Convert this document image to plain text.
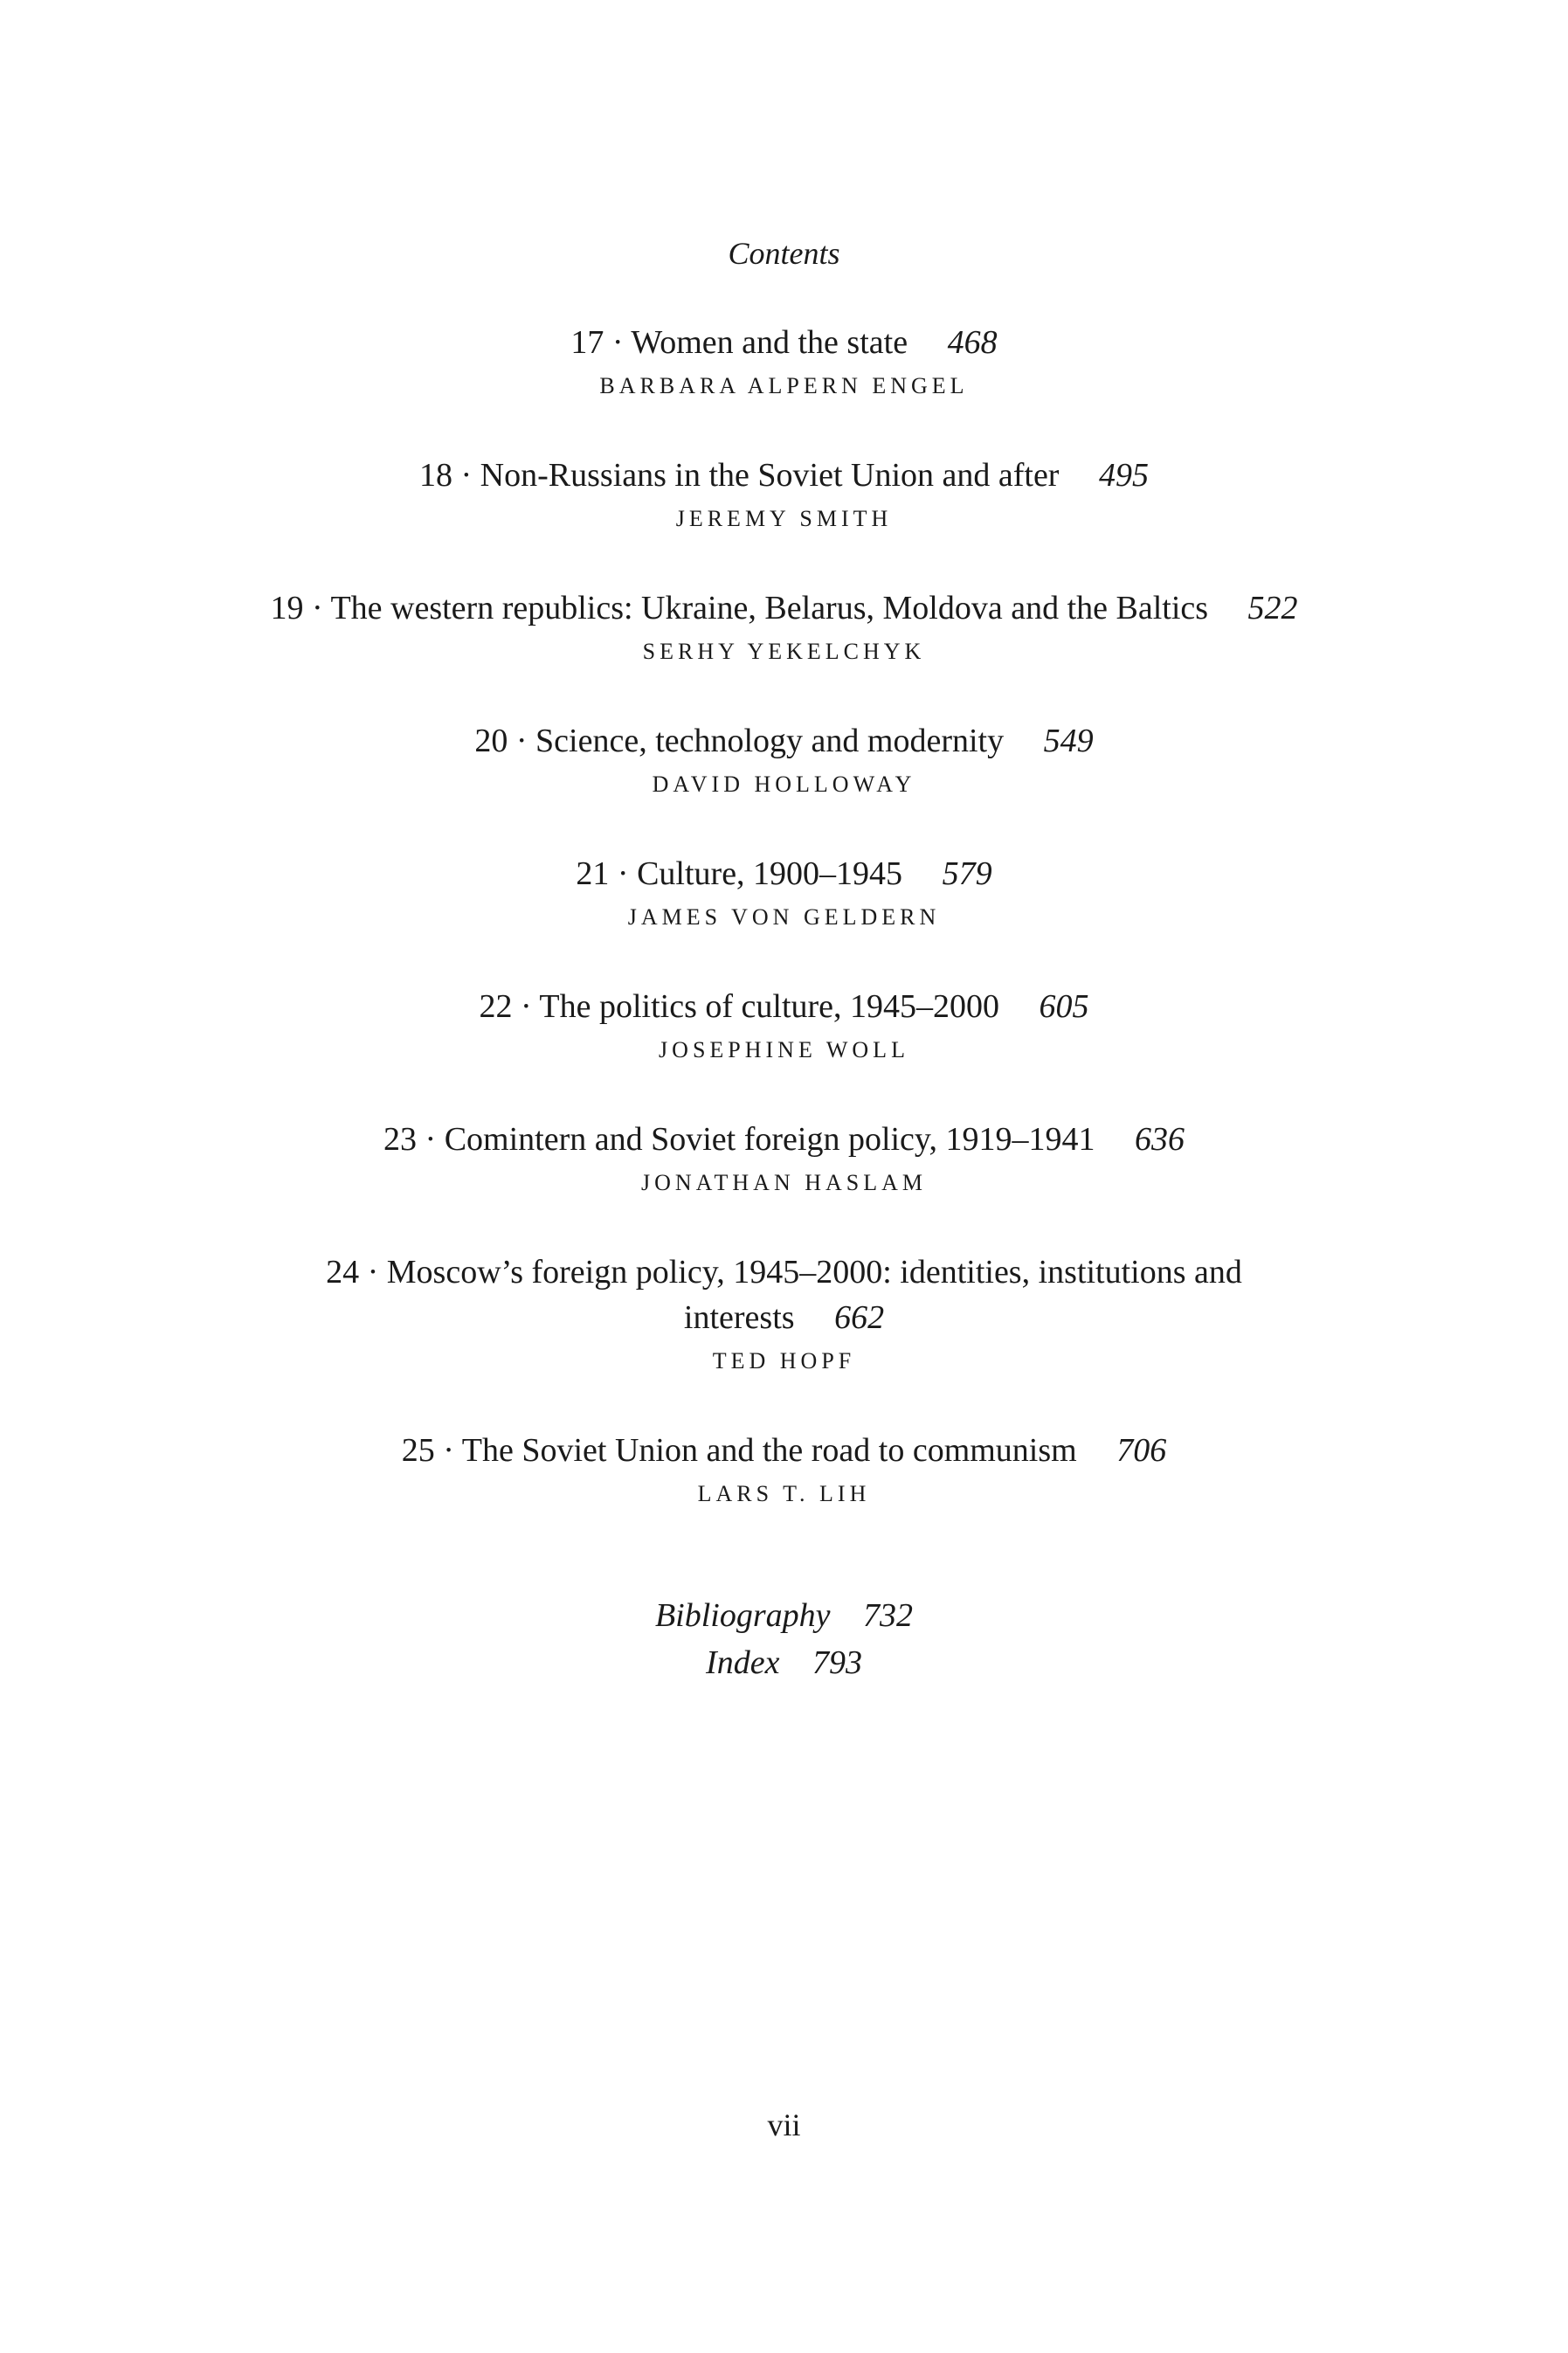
Contents
17 · Women and the state 468
BARBARA ALPERN ENGEL
18 · Non-Russians in the Soviet Union and after 495
JEREMY SMITH
19 · The western republics: Ukraine, Belarus, Moldova and the Baltics 522
SERHY YEKELCHYK
20 · Science, technology and modernity 549
DAVID HOLLOWAY
21 · Culture, 1900–1945 579
JAMES VON GELDERN
22 · The politics of culture, 1945–2000 605
JOSEPHINE WOLL
23 · Comintern and Soviet foreign policy, 1919–1941 636
JONATHAN HASLAM
24 · Moscow’s foreign policy, 1945–2000: identities, institutions and interests 662
TED HOPF
25 · The Soviet Union and the road to communism 706
LARS T. LIH
Bibliography 732
Index 793
vii
